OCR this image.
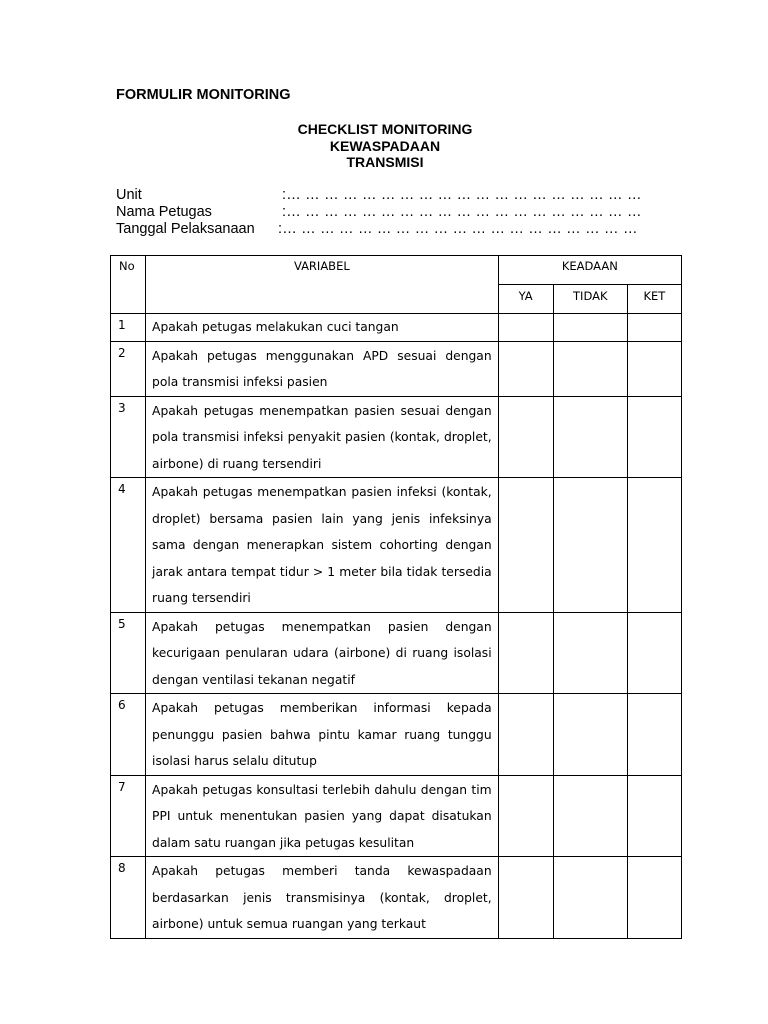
FORMULIR MONITORING
CHECKLIST MONITORING
KEWASPADAAN
TRANSMISI
Unit	:… … … … … … … … … … … … … … … … … … …
Nama Petugas	:… … … … … … … … … … … … … … … … … … …
Tanggal Pelaksanaan :… … … … … … … … … … … … … … … … … … …
No	VARIABEL	KEADAAN		
		YA	TIDAK	KET
1	Apakah petugas melakukan cuci tangan			
2	Apakah petugas menggunakan APD sesuai dengan pola transmisi infeksi pasien			
3	Apakah petugas menempatkan pasien sesuai dengan pola transmisi infeksi penyakit pasien (kontak, droplet, airbone) di ruang tersendiri			
4	Apakah petugas menempatkan pasien infeksi (kontak, droplet) bersama pasien lain yang jenis infeksinya sama dengan menerapkan sistem cohorting dengan jarak antara tempat tidur > 1 meter bila tidak tersedia ruang tersendiri			
5	Apakah petugas menempatkan pasien dengan kecurigaan penularan udara (airbone) di ruang isolasi dengan ventilasi tekanan negatif			
6	Apakah petugas memberikan informasi kepada penunggu pasien bahwa pintu kamar ruang tunggu isolasi harus selalu ditutup			
7	Apakah petugas konsultasi terlebih dahulu dengan tim PPI untuk menentukan pasien yang dapat disatukan dalam satu ruangan jika petugas kesulitan			
8	Apakah petugas memberi tanda kewaspadaan berdasarkan jenis transmisinya (kontak, droplet, airbone) untuk semua ruangan yang terkaut			
